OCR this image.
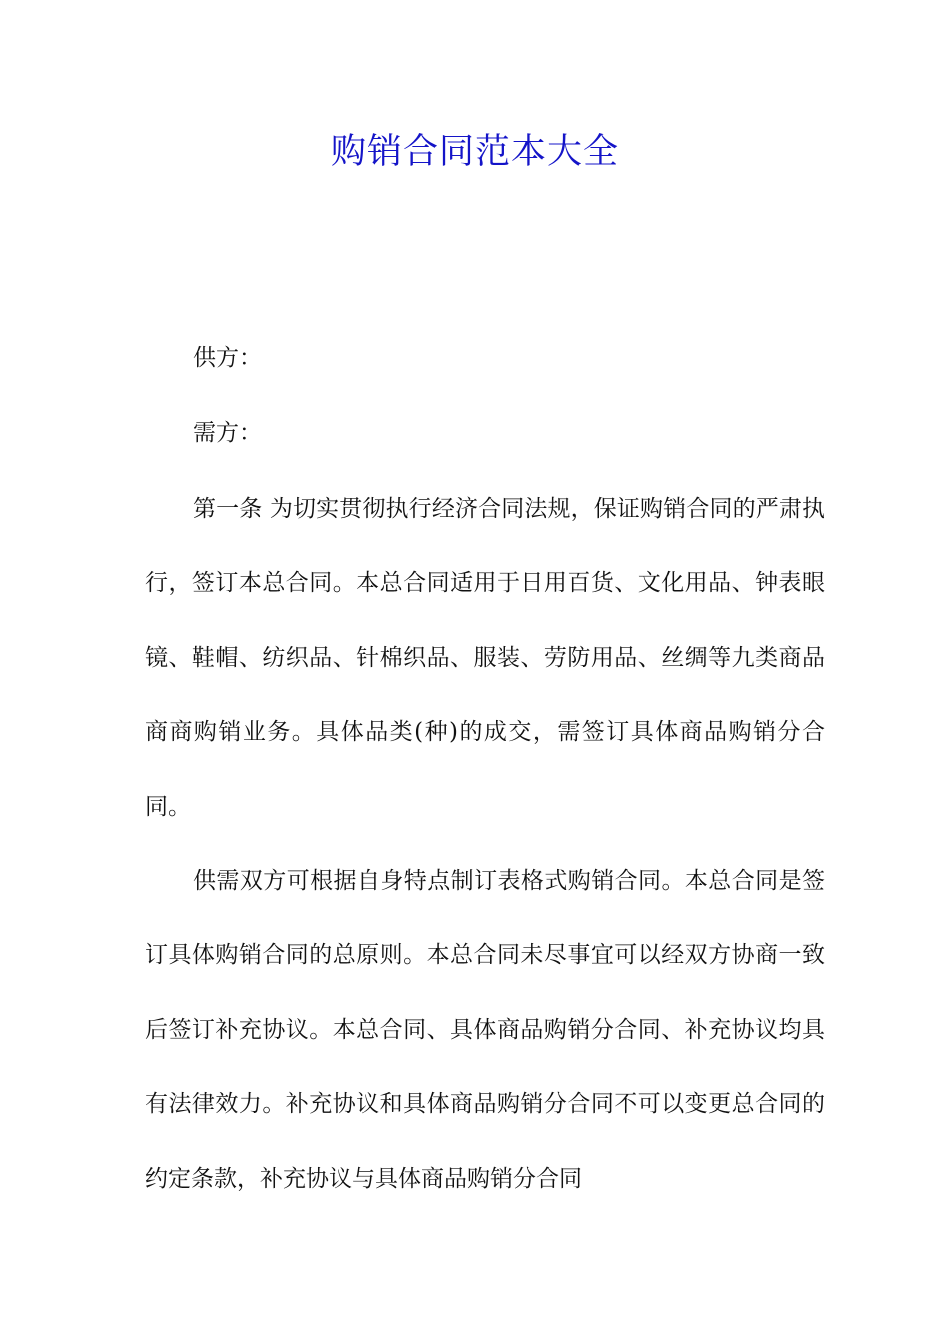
购销合同范本大全

供方：

需方：

第一条 为切实贯彻执行经济合同法规，保证购销合同的严肃执行，签订本总合同。本总合同适用于日用百货、文化用品、钟表眼镜、鞋帽、纺织品、针棉织品、服装、劳防用品、丝绸等九类商品商商购销业务。具体品类(种)的成交，需签订具体商品购销分合同。

供需双方可根据自身特点制订表格式购销合同。本总合同是签订具体购销合同的总原则。本总合同未尽事宜可以经双方协商一致后签订补充协议。本总合同、具体商品购销分合同、补充协议均具有法律效力。补充协议和具体商品购销分合同不可以变更总合同的约定条款，补充协议与具体商品购销分合同
